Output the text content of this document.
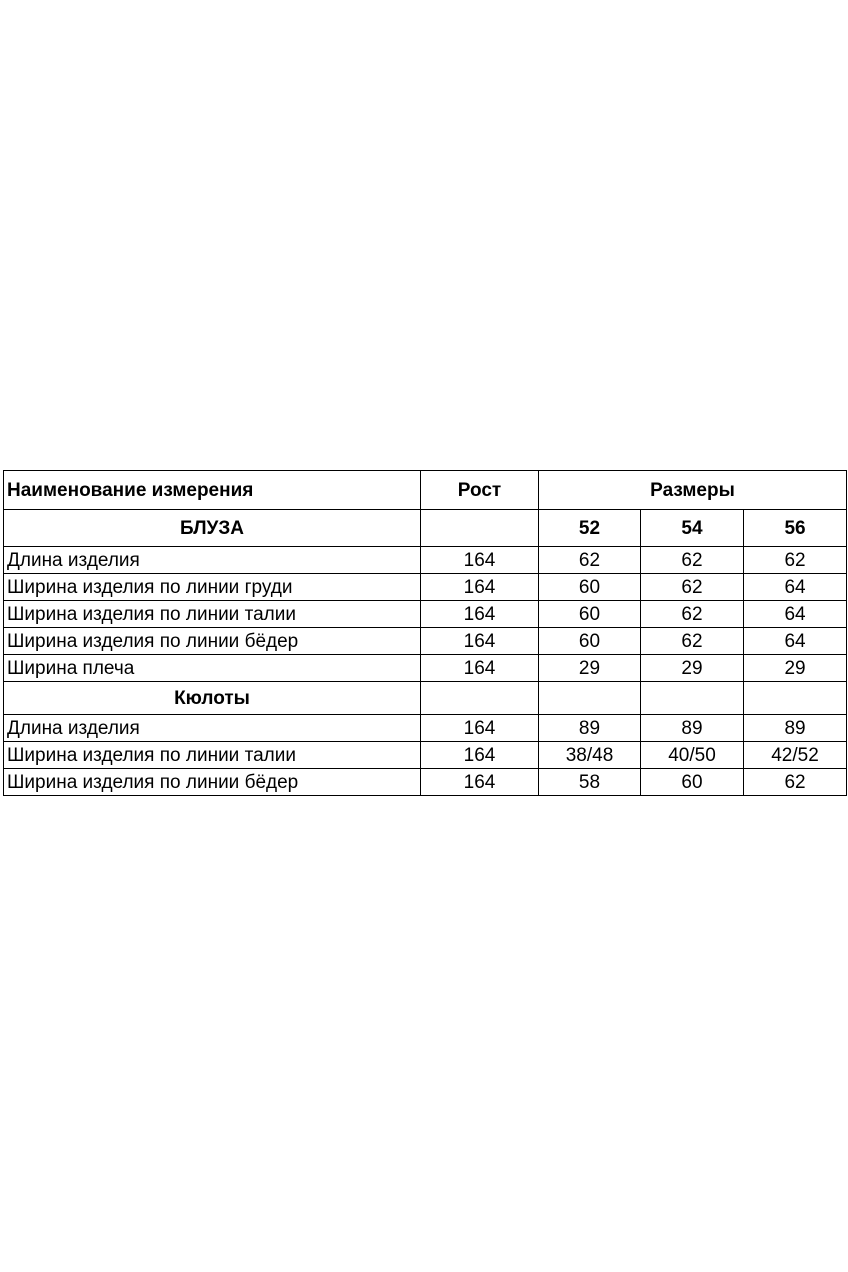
Наименование измерения	Рост	Размеры		
БЛУЗА		52	54	56
Длина изделия	164	62	62	62
Ширина изделия по линии груди	164	60	62	64
Ширина изделия по линии талии	164	60	62	64
Ширина изделия по линии бёдер	164	60	62	64
Ширина плеча	164	29	29	29
Кюлоты				
Длина изделия	164	89	89	89
Ширина изделия по линии талии	164	38/48	40/50	42/52
Ширина изделия по линии бёдер	164	58	60	62
